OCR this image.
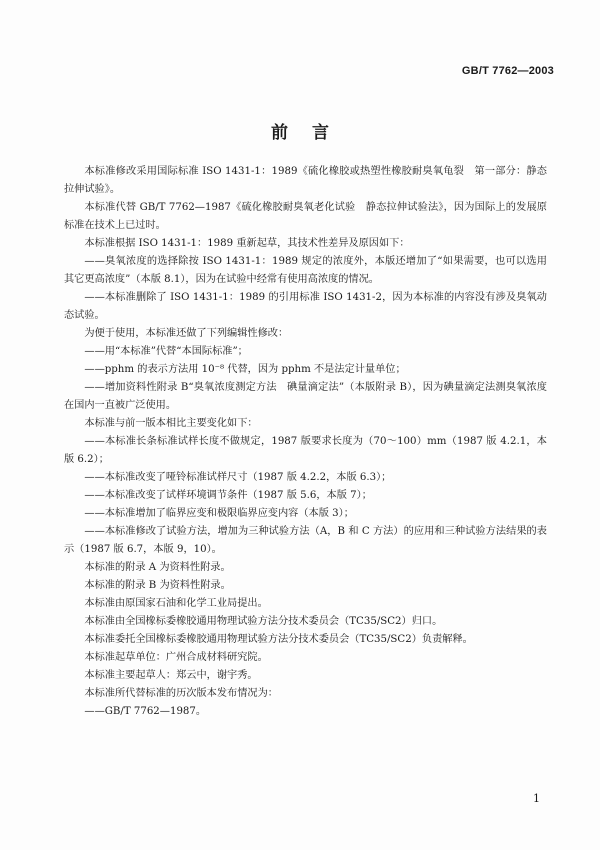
GB/T 7762—2003
前言

本标准修改采用国际标准 ISO 1431-1：1989《硫化橡胶或热塑性橡胶耐臭氧龟裂　第一部分：静态拉伸试验》。

本标准代替 GB/T 7762—1987《硫化橡胶耐臭氧老化试验　静态拉伸试验法》，因为国际上的发展原标准在技术上已过时。

本标准根据 ISO 1431-1：1989 重新起草，其技术性差异及原因如下：

——臭氧浓度的选择除按 ISO 1431-1：1989 规定的浓度外，本版还增加了“如果需要，也可以选用其它更高浓度”（本版 8.1），因为在试验中经常有使用高浓度的情况。

——本标准删除了 ISO 1431-1：1989 的引用标准 ISO 1431-2，因为本标准的内容没有涉及臭氧动态试验。

为便于使用，本标准还做了下列编辑性修改：

——用“本标准”代替“本国际标准”；

——pphm 的表示方法用 10⁻⁸ 代替，因为 pphm 不是法定计量单位；

——增加资料性附录 B“臭氧浓度测定方法　碘量滴定法”（本版附录 B），因为碘量滴定法测臭氧浓度在国内一直被广泛使用。

本标准与前一版本相比主要变化如下：

——本标准长条标准试样长度不做规定，1987 版要求长度为（70～100）mm（1987 版 4.2.1，本版 6.2）；

——本标准改变了哑铃标准试样尺寸（1987 版 4.2.2，本版 6.3）；

——本标准改变了试样环境调节条件（1987 版 5.6，本版 7）；

——本标准增加了临界应变和极限临界应变内容（本版 3）；

——本标准修改了试验方法，增加为三种试验方法（A，B 和 C 方法）的应用和三种试验方法结果的表示（1987 版 6.7，本版 9，10）。

本标准的附录 A 为资料性附录。

本标准的附录 B 为资料性附录。

本标准由原国家石油和化学工业局提出。

本标准由全国橡标委橡胶通用物理试验方法分技术委员会（TC35/SC2）归口。

本标准委托全国橡标委橡胶通用物理试验方法分技术委员会（TC35/SC2）负责解释。

本标准起草单位：广州合成材料研究院。

本标准主要起草人：郑云中，谢宇秀。

本标准所代替标准的历次版本发布情况为：

——GB/T 7762—1987。

1
